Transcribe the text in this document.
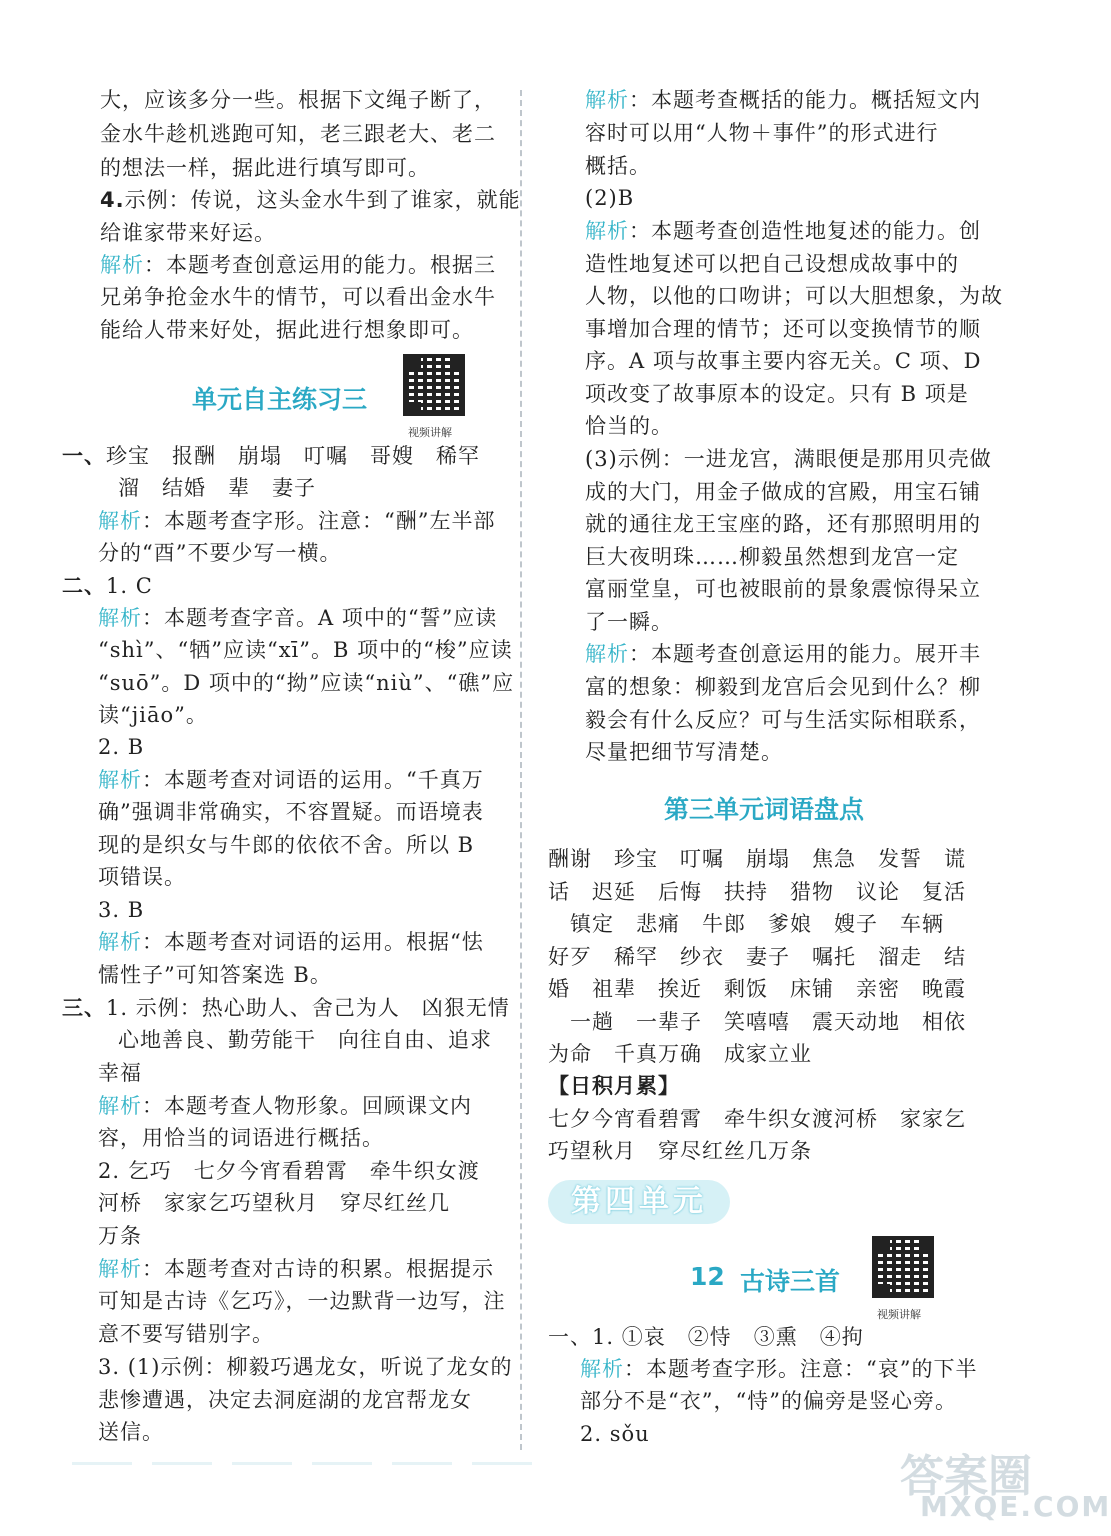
大，应该多分一些。根据下文绳子断了，
金水牛趁机逃跑可知，老三跟老大、老二
的想法一样，据此进行填写即可。
4.示例：传说，这头金水牛到了谁家，就能
给谁家带来好运。
解析：本题考查创意运用的能力。根据三
兄弟争抢金水牛的情节，可以看出金水牛
能给人带来好处，据此进行想象即可。
单元自主练习三
视频讲解
一、珍宝　报酬　崩塌　叮嘱　哥嫂　稀罕
溜　结婚　辈　妻子
解析：本题考查字形。注意：“酬”左半部
分的“酉”不要少写一横。
二、1. C
解析：本题考查字音。A 项中的“誓”应读
“shì”、“牺”应读“xī”。B 项中的“梭”应读
“suō”。D 项中的“拗”应读“niù”、“礁”应
读“jiāo”。
2. B
解析：本题考查对词语的运用。“千真万
确”强调非常确实，不容置疑。而语境表
现的是织女与牛郎的依依不舍。所以 B
项错误。
3. B
解析：本题考查对词语的运用。根据“怯
懦性子”可知答案选 B。
三、1. 示例：热心助人、舍己为人　凶狠无情
心地善良、勤劳能干　向往自由、追求
幸福
解析：本题考查人物形象。回顾课文内
容，用恰当的词语进行概括。
2. 乞巧　七夕今宵看碧霄　牵牛织女渡
河桥　家家乞巧望秋月　穿尽红丝几
万条
解析：本题考查对古诗的积累。根据提示
可知是古诗《乞巧》，一边默背一边写，注
意不要写错别字。
3. (1)示例：柳毅巧遇龙女，听说了龙女的
悲惨遭遇，决定去洞庭湖的龙宫帮龙女
送信。
解析：本题考查概括的能力。概括短文内
容时可以用“人物＋事件”的形式进行
概括。
(2)B
解析：本题考查创造性地复述的能力。创
造性地复述可以把自己设想成故事中的
人物，以他的口吻讲；可以大胆想象，为故
事增加合理的情节；还可以变换情节的顺
序。A 项与故事主要内容无关。C 项、D
项改变了故事原本的设定。只有 B 项是
恰当的。
(3)示例：一进龙宫，满眼便是那用贝壳做
成的大门，用金子做成的宫殿，用宝石铺
就的通往龙王宝座的路，还有那照明用的
巨大夜明珠……柳毅虽然想到龙宫一定
富丽堂皇，可也被眼前的景象震惊得呆立
了一瞬。
解析：本题考查创意运用的能力。展开丰
富的想象：柳毅到龙宫后会见到什么？柳
毅会有什么反应？可与生活实际相联系，
尽量把细节写清楚。
第三单元词语盘点
酬谢　珍宝　叮嘱　崩塌　焦急　发誓　谎
话　迟延　后悔　扶持　猎物　议论　复活
镇定　悲痛　牛郎　爹娘　嫂子　车辆
好歹　稀罕　纱衣　妻子　嘱托　溜走　结
婚　祖辈　挨近　剩饭　床铺　亲密　晚霞
一趟　一辈子　笑嘻嘻　震天动地　相依
为命　千真万确　成家立业
【日积月累】
七夕今宵看碧霄　牵牛织女渡河桥　家家乞
巧望秋月　穿尽红丝几万条
第四单元
12 古诗三首
视频讲解
一、1. ①哀　②恃　③熏　④拘
解析：本题考查字形。注意：“哀”的下半
部分不是“衣”，“恃”的偏旁是竖心旁。
2. sǒu
答案圈
MXQE.COM
